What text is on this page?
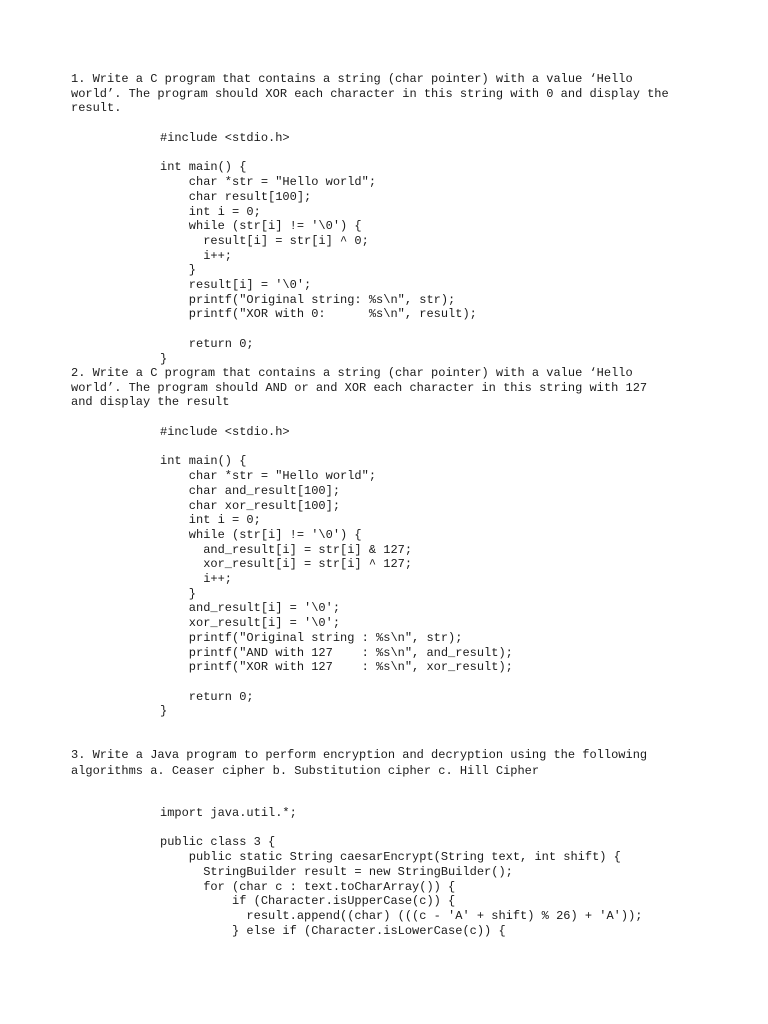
1. Write a C program that contains a string (char pointer) with a value ‘Hello
world’. The program should XOR each character in this string with 0 and display the
result.

#include <stdio.h>

int main() {
char *str = "Hello world";
char result[100];
int i = 0;
while (str[i] != '\0') {
result[i] = str[i] ^ 0;
i++;
}
result[i] = '\0';
printf("Original string: %s\n", str);
printf("XOR with 0:      %s\n", result);

return 0;
}

2. Write a C program that contains a string (char pointer) with a value ‘Hello
world’. The program should AND or and XOR each character in this string with 127
and display the result

#include <stdio.h>

int main() {
char *str = "Hello world";
char and_result[100];
char xor_result[100];
int i = 0;
while (str[i] != '\0') {
and_result[i] = str[i] & 127;
xor_result[i] = str[i] ^ 127;
i++;
}
and_result[i] = '\0';
xor_result[i] = '\0';
printf("Original string : %s\n", str);
printf("AND with 127    : %s\n", and_result);
printf("XOR with 127    : %s\n", xor_result);

return 0;
}

3. Write a Java program to perform encryption and decryption using the following
algorithms a. Ceaser cipher b. Substitution cipher c. Hill Cipher

import java.util.*;

public class 3 {
public static String caesarEncrypt(String text, int shift) {
StringBuilder result = new StringBuilder();
for (char c : text.toCharArray()) {
if (Character.isUpperCase(c)) {
result.append((char) (((c - 'A' + shift) % 26) + 'A'));
} else if (Character.isLowerCase(c)) {
